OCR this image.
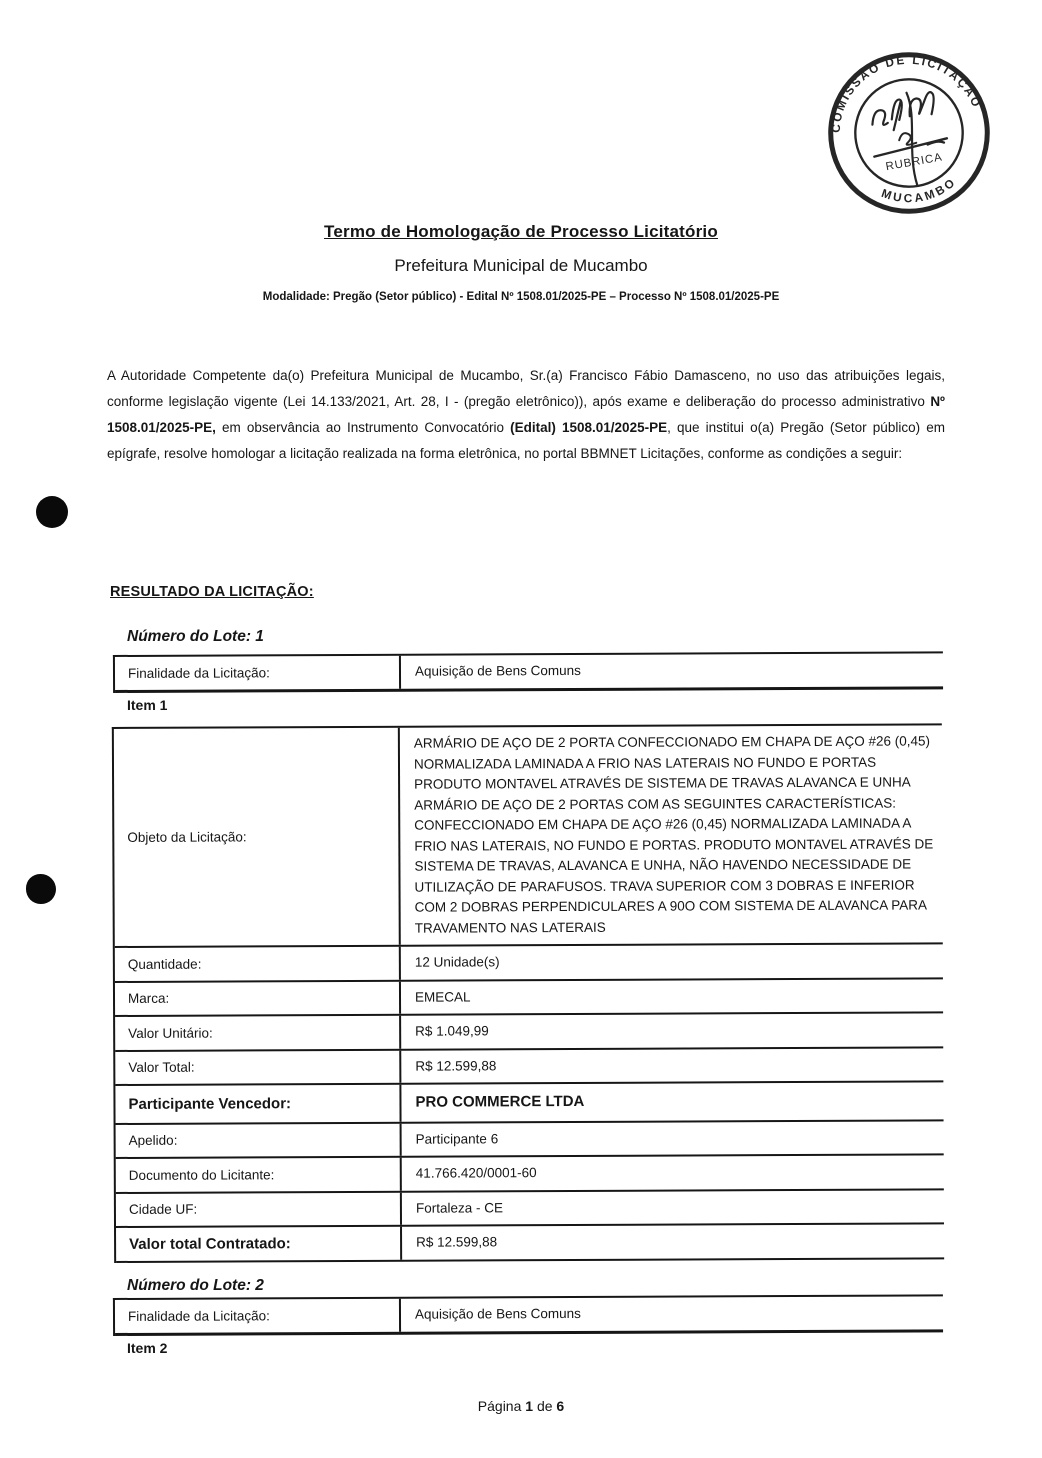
COMISSÃO DE LICITAÇÃO
MUCAMBO
RUBRICA
Termo de Homologação de Processo Licitatório
Prefeitura Municipal de Mucambo
Modalidade: Pregão (Setor público) - Edital Nº 1508.01/2025-PE – Processo Nº 1508.01/2025-PE
A Autoridade Competente da(o) Prefeitura Municipal de Mucambo, Sr.(a) Francisco Fábio Damasceno, no uso das atribuições legais, conforme legislação vigente (Lei 14.133/2021, Art. 28, I - (pregão eletrônico)), após exame e deliberação do processo administrativo Nº 1508.01/2025-PE, em observância ao Instrumento Convocatório (Edital) 1508.01/2025-PE, que institui o(a) Pregão (Setor público) em epígrafe, resolve homologar a licitação realizada na forma eletrônica, no portal BBMNET Licitações, conforme as condições a seguir:
RESULTADO DA LICITAÇÃO:
Número do Lote: 1
Finalidade da Licitação:	Aquisição de Bens Comuns
Item 1
Objeto da Licitação:
ARMÁRIO DE AÇO DE 2 PORTA CONFECCIONADO EM CHAPA DE AÇO #26 (0,45) NORMALIZADA LAMINADA A FRIO NAS LATERAIS NO FUNDO E PORTAS PRODUTO MONTAVEL ATRAVÉS DE SISTEMA DE TRAVAS ALAVANCA E UNHA ARMÁRIO DE AÇO DE 2 PORTAS COM AS SEGUINTES CARACTERÍSTICAS: CONFECCIONADO EM CHAPA DE AÇO #26 (0,45) NORMALIZADA LAMINADA A FRIO NAS LATERAIS, NO FUNDO E PORTAS. PRODUTO MONTAVEL ATRAVÉS DE SISTEMA DE TRAVAS, ALAVANCA E UNHA, NÃO HAVENDO NECESSIDADE DE UTILIZAÇÃO DE PARAFUSOS. TRAVA SUPERIOR COM 3 DOBRAS E INFERIOR COM 2 DOBRAS PERPENDICULARES A 90O COM SISTEMA DE ALAVANCA PARA TRAVAMENTO NAS LATERAIS
Quantidade:	12 Unidade(s)
Marca:	EMECAL
Valor Unitário:	R$ 1.049,99
Valor Total:	R$ 12.599,88
Participante Vencedor:	PRO COMMERCE LTDA
Apelido:	Participante 6
Documento do Licitante:	41.766.420/0001-60
Cidade UF:	Fortaleza - CE
Valor total Contratado:	R$ 12.599,88
Número do Lote: 2
Finalidade da Licitação:	Aquisição de Bens Comuns
Item 2
Página 1 de 6
